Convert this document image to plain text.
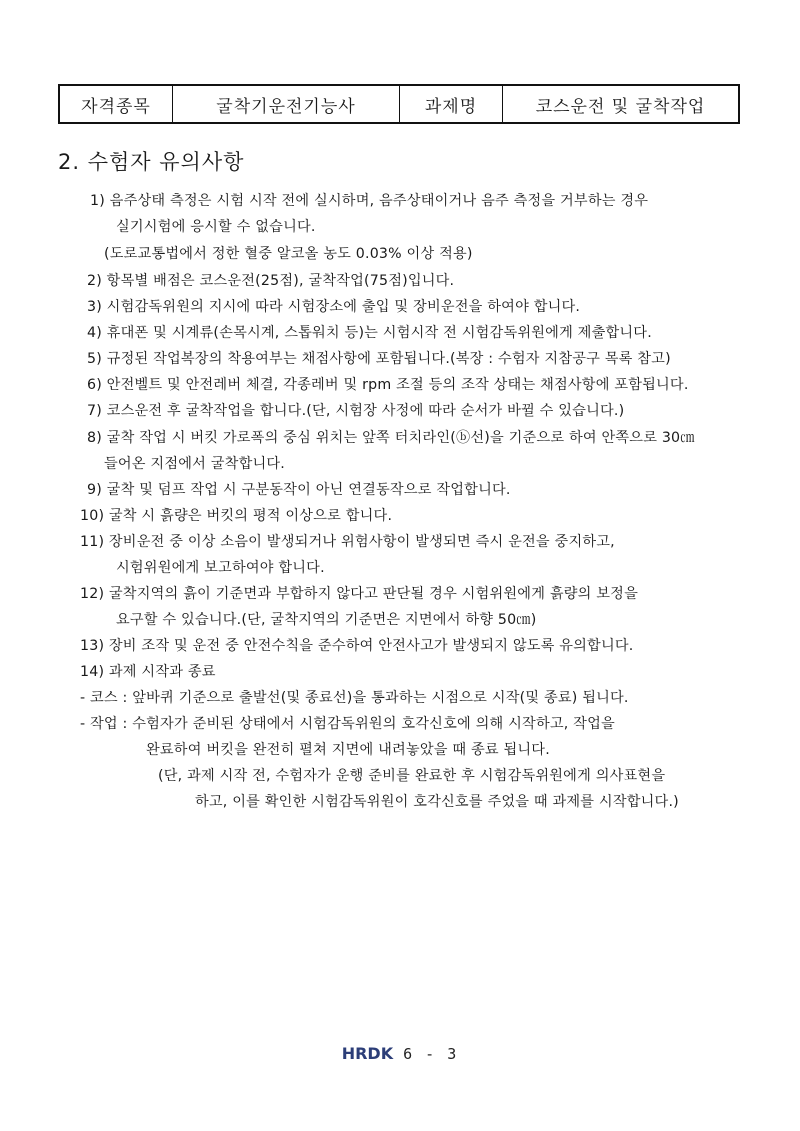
자격종목	굴착기운전기능사	과제명	코스운전 및 굴착작업
2. 수험자 유의사항
1) 음주상태 측정은 시험 시작 전에 실시하며, 음주상태이거나 음주 측정을 거부하는 경우
실기시험에 응시할 수 없습니다.
(도로교통법에서 정한 혈중 알코올 농도 0.03% 이상 적용)
2) 항목별 배점은 코스운전(25점), 굴착작업(75점)입니다.
3) 시험감독위원의 지시에 따라 시험장소에 출입 및 장비운전을 하여야 합니다.
4) 휴대폰 및 시계류(손목시계, 스톱워치 등)는 시험시작 전 시험감독위원에게 제출합니다.
5) 규정된 작업복장의 착용여부는 채점사항에 포함됩니다.(복장 : 수험자 지참공구 목록 참고)
6) 안전벨트 및 안전레버 체결, 각종레버 및 rpm 조절 등의 조작 상태는 채점사항에 포함됩니다.
7) 코스운전 후 굴착작업을 합니다.(단, 시험장 사정에 따라 순서가 바뀔 수 있습니다.)
8) 굴착 작업 시 버킷 가로폭의 중심 위치는 앞쪽 터치라인(ⓑ선)을 기준으로 하여 안쪽으로 30㎝
들어온 지점에서 굴착합니다.
9) 굴착 및 덤프 작업 시 구분동작이 아닌 연결동작으로 작업합니다.
10) 굴착 시 흙량은 버킷의 평적 이상으로 합니다.
11) 장비운전 중 이상 소음이 발생되거나 위험사항이 발생되면 즉시 운전을 중지하고,
시험위원에게 보고하여야 합니다.
12) 굴착지역의 흙이 기준면과 부합하지 않다고 판단될 경우 시험위원에게 흙량의 보정을
요구할 수 있습니다.(단, 굴착지역의 기준면은 지면에서 하향 50㎝)
13) 장비 조작 및 운전 중 안전수칙을 준수하여 안전사고가 발생되지 않도록 유의합니다.
14) 과제 시작과 종료
- 코스 : 앞바퀴 기준으로 출발선(및 종료선)을 통과하는 시점으로 시작(및 종료) 됩니다.
- 작업 : 수험자가 준비된 상태에서 시험감독위원의 호각신호에 의해 시작하고, 작업을
완료하여 버킷을 완전히 펼쳐 지면에 내려놓았을 때 종료 됩니다.
(단, 과제 시작 전, 수험자가 운행 준비를 완료한 후 시험감독위원에게 의사표현을
하고, 이를 확인한 시험감독위원이 호각신호를 주었을 때 과제를 시작합니다.)
HRDK 6 - 3
